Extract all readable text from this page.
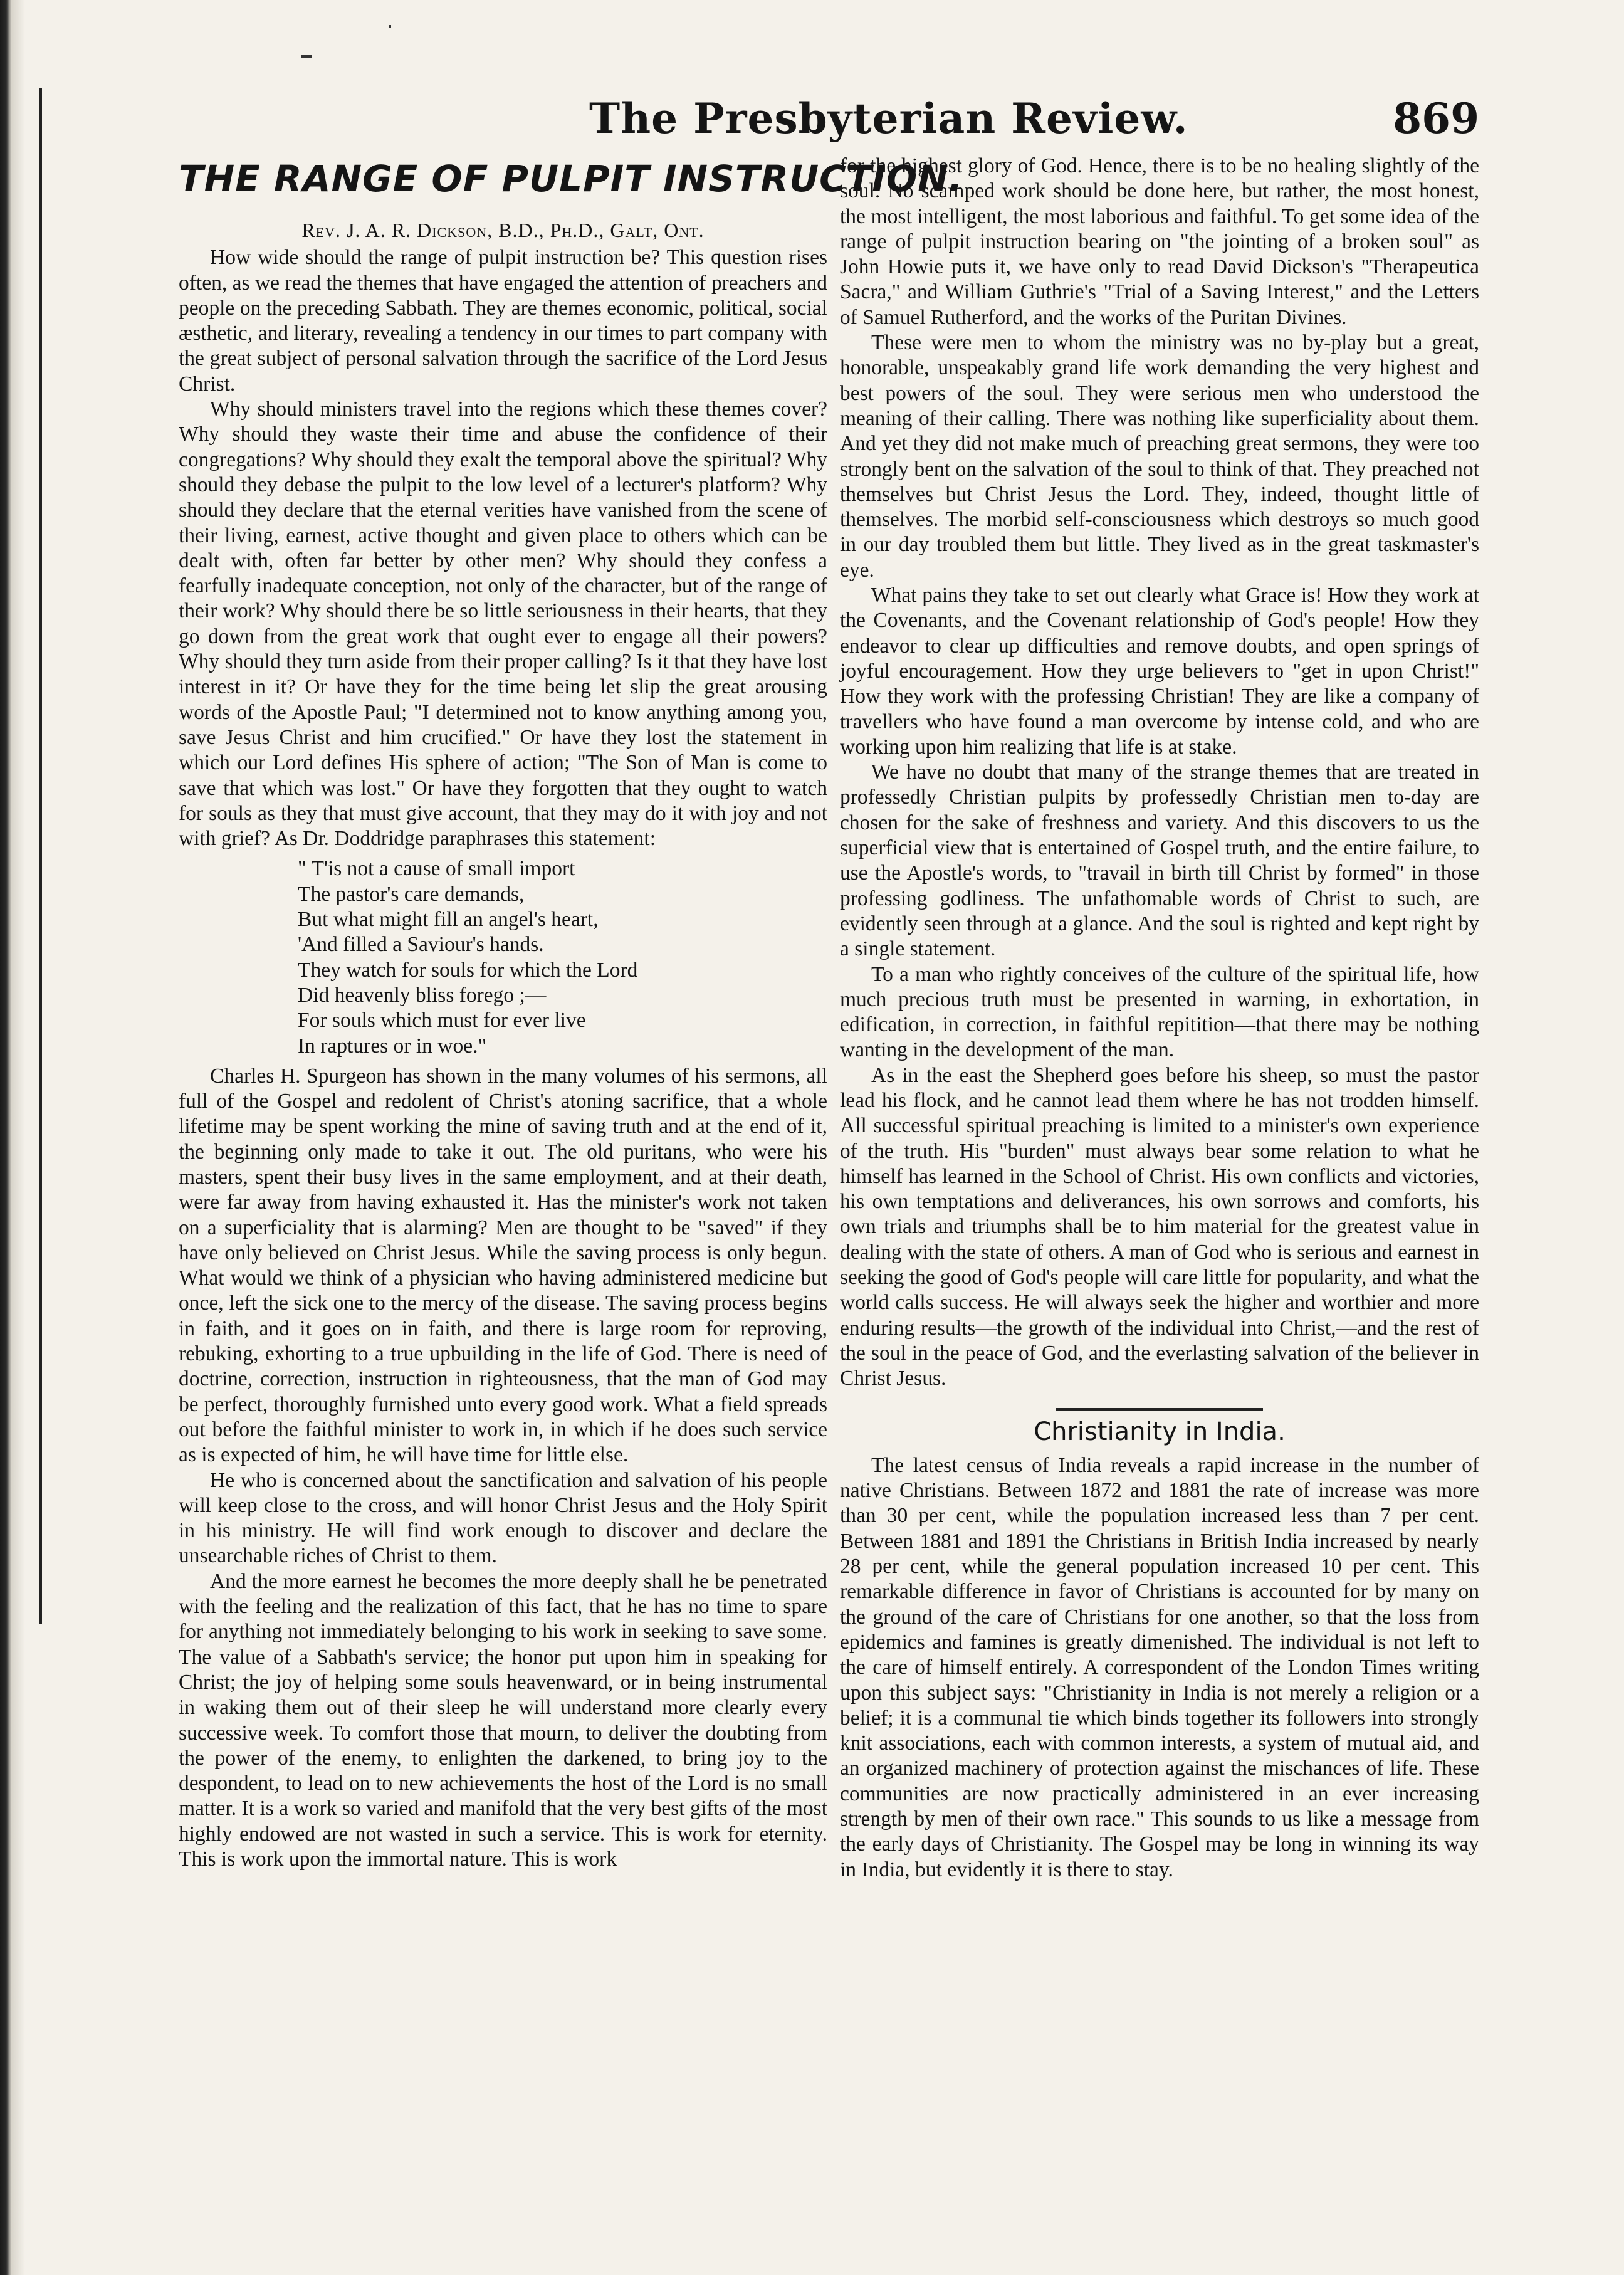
The Presbyterian Review.	869
THE RANGE OF PULPIT INSTRUCTION.
Rev. J. A. R. Dickson, B.D., Ph.D., Galt, Ont.

How wide should the range of pulpit instruction be? This question rises often, as we read the themes that have engaged the attention of preachers and people on the preceding Sabbath. They are themes economic, political, social æsthetic, and literary, revealing a tendency in our times to part company with the great subject of personal salvation through the sacrifice of the Lord Jesus Christ.

Why should ministers travel into the regions which these themes cover? Why should they waste their time and abuse the confidence of their congregations? Why should they exalt the temporal above the spiritual? Why should they debase the pulpit to the low level of a lecturer's platform? Why should they declare that the eternal verities have vanished from the scene of their living, earnest, active thought and given place to others which can be dealt with, often far better by other men? Why should they confess a fearfully inadequate conception, not only of the character, but of the range of their work? Why should there be so little seriousness in their hearts, that they go down from the great work that ought ever to engage all their powers? Why should they turn aside from their proper calling? Is it that they have lost interest in it? Or have they for the time being let slip the great arousing words of the Apostle Paul; "I determined not to know anything among you, save Jesus Christ and him crucified." Or have they lost the statement in which our Lord defines His sphere of action; "The Son of Man is come to save that which was lost." Or have they forgotten that they ought to watch for souls as they that must give account, that they may do it with joy and not with grief? As Dr. Doddridge paraphrases this statement:

" T'is not a cause of small import
The pastor's care demands,
But what might fill an angel's heart,
'And filled a Saviour's hands.
They watch for souls for which the Lord
Did heavenly bliss forego ;—
For souls which must for ever live
In raptures or in woe."

Charles H. Spurgeon has shown in the many volumes of his sermons, all full of the Gospel and redolent of Christ's atoning sacrifice, that a whole lifetime may be spent working the mine of saving truth and at the end of it, the beginning only made to take it out. The old puritans, who were his masters, spent their busy lives in the same employment, and at their death, were far away from having exhausted it. Has the minister's work not taken on a superficiality that is alarming? Men are thought to be "saved" if they have only believed on Christ Jesus. While the saving process is only begun. What would we think of a physician who having administered medicine but once, left the sick one to the mercy of the disease. The saving process begins in faith, and it goes on in faith, and there is large room for reproving, rebuking, exhorting to a true upbuilding in the life of God. There is need of doctrine, correction, instruction in righteousness, that the man of God may be perfect, thoroughly furnished unto every good work. What a field spreads out before the faithful minister to work in, in which if he does such service as is expected of him, he will have time for little else.

He who is concerned about the sanctification and salvation of his people will keep close to the cross, and will honor Christ Jesus and the Holy Spirit in his ministry. He will find work enough to discover and declare the unsearchable riches of Christ to them.

And the more earnest he becomes the more deeply shall he be penetrated with the feeling and the realization of this fact, that he has no time to spare for anything not immediately belonging to his work in seeking to save some. The value of a Sabbath's service; the honor put upon him in speaking for Christ; the joy of helping some souls heavenward, or in being instrumental in waking them out of their sleep he will understand more clearly every successive week. To comfort those that mourn, to deliver the doubting from the power of the enemy, to enlighten the darkened, to bring joy to the despondent, to lead on to new achievements the host of the Lord is no small matter. It is a work so varied and manifold that the very best gifts of the most highly endowed are not wasted in such a service. This is work for eternity. This is work upon the immortal nature. This is work

for the highest glory of God. Hence, there is to be no healing slightly of the soul. No scamped work should be done here, but rather, the most honest, the most intelligent, the most laborious and faithful. To get some idea of the range of pulpit instruction bearing on "the jointing of a broken soul" as John Howie puts it, we have only to read David Dickson's "Therapeutica Sacra," and William Guthrie's "Trial of a Saving Interest," and the Letters of Samuel Rutherford, and the works of the Puritan Divines.

These were men to whom the ministry was no by-play but a great, honorable, unspeakably grand life work demanding the very highest and best powers of the soul. They were serious men who understood the meaning of their calling. There was nothing like superficiality about them. And yet they did not make much of preaching great sermons, they were too strongly bent on the salvation of the soul to think of that. They preached not themselves but Christ Jesus the Lord. They, indeed, thought little of themselves. The morbid self-consciousness which destroys so much good in our day troubled them but little. They lived as in the great taskmaster's eye.

What pains they take to set out clearly what Grace is! How they work at the Covenants, and the Covenant relationship of God's people! How they endeavor to clear up difficulties and remove doubts, and open springs of joyful encouragement. How they urge believers to "get in upon Christ!" How they work with the professing Christian! They are like a company of travellers who have found a man overcome by intense cold, and who are working upon him realizing that life is at stake.

We have no doubt that many of the strange themes that are treated in professedly Christian pulpits by professedly Christian men to-day are chosen for the sake of freshness and variety. And this discovers to us the superficial view that is entertained of Gospel truth, and the entire failure, to use the Apostle's words, to "travail in birth till Christ by formed" in those professing godliness. The unfathomable words of Christ to such, are evidently seen through at a glance. And the soul is righted and kept right by a single statement.

To a man who rightly conceives of the culture of the spiritual life, how much precious truth must be presented in warning, in exhortation, in edification, in correction, in faithful repitition—that there may be nothing wanting in the development of the man.

As in the east the Shepherd goes before his sheep, so must the pastor lead his flock, and he cannot lead them where he has not trodden himself. All successful spiritual preaching is limited to a minister's own experience of the truth. His "burden" must always bear some relation to what he himself has learned in the School of Christ. His own conflicts and victories, his own temptations and deliverances, his own sorrows and comforts, his own trials and triumphs shall be to him material for the greatest value in dealing with the state of others. A man of God who is serious and earnest in seeking the good of God's people will care little for popularity, and what the world calls success. He will always seek the higher and worthier and more enduring results—the growth of the individual into Christ,—and the rest of the soul in the peace of God, and the everlasting salvation of the believer in Christ Jesus.

Christianity in India.

The latest census of India reveals a rapid increase in the number of native Christians. Between 1872 and 1881 the rate of increase was more than 30 per cent, while the population increased less than 7 per cent. Between 1881 and 1891 the Christians in British India increased by nearly 28 per cent, while the general population increased 10 per cent. This remarkable difference in favor of Christians is accounted for by many on the ground of the care of Christians for one another, so that the loss from epidemics and famines is greatly dimenished. The individual is not left to the care of himself entirely. A correspondent of the London Times writing upon this subject says: "Christianity in India is not merely a religion or a belief; it is a communal tie which binds together its followers into strongly knit associations, each with common interests, a system of mutual aid, and an organized machinery of protection against the mischances of life. These communities are now practically administered in an ever increasing strength by men of their own race." This sounds to us like a message from the early days of Christianity. The Gospel may be long in winning its way in India, but evidently it is there to stay.
